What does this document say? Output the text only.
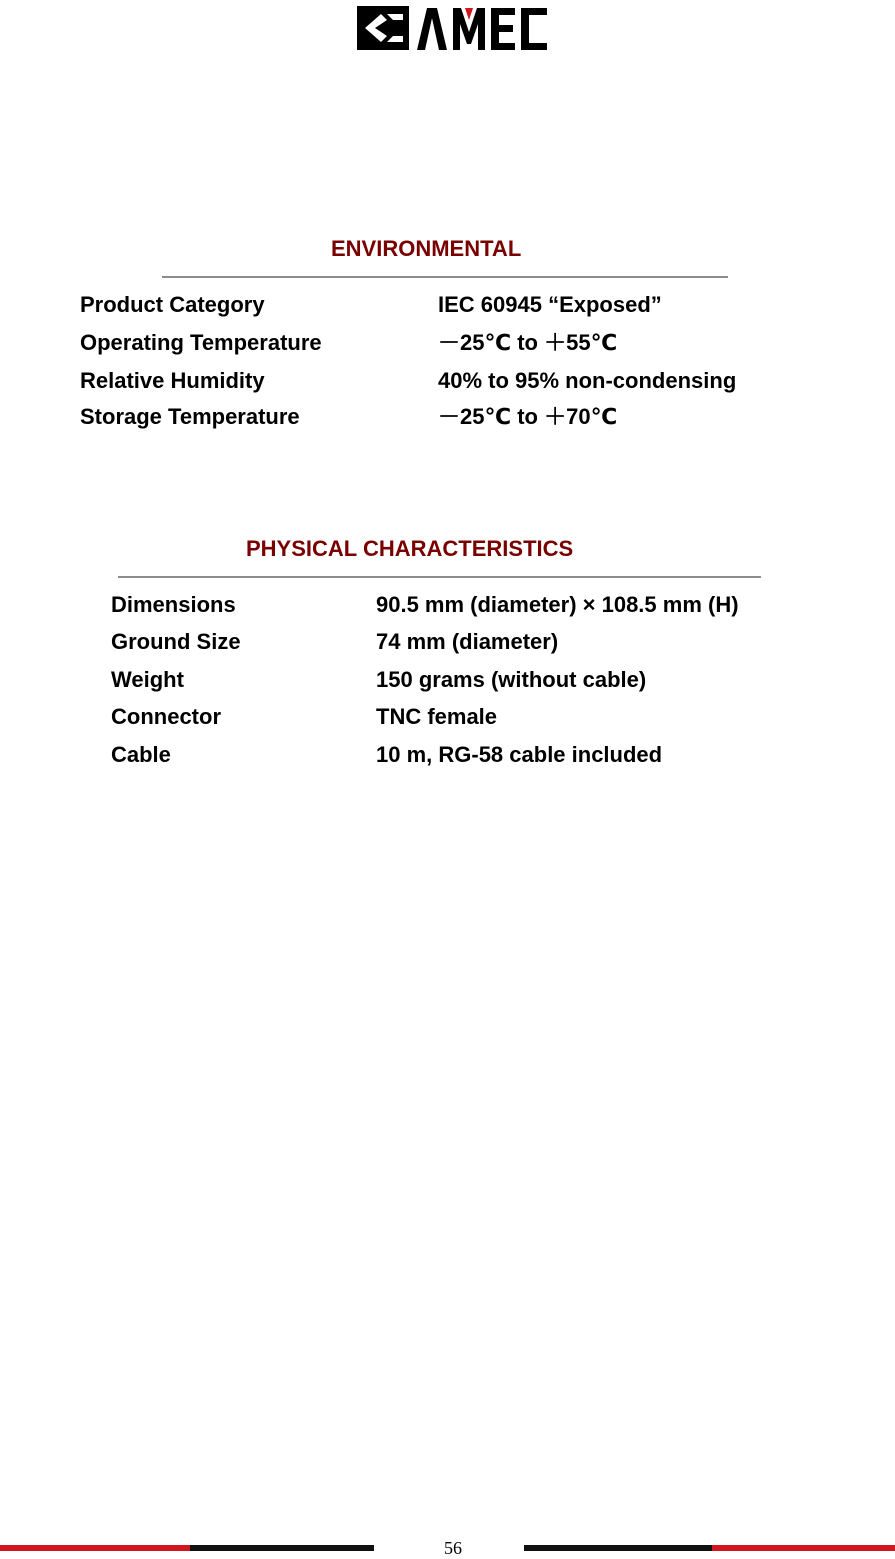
ENVIRONMENTAL
Product Category	IEC 60945 “Exposed”
Operating Temperature	－25℃ to ＋55℃
Relative Humidity	40% to 95% non-condensing
Storage Temperature	－25℃ to ＋70℃
PHYSICAL CHARACTERISTICS
Dimensions	90.5 mm (diameter) × 108.5 mm (H)
Ground Size	74 mm (diameter)
Weight	150 grams (without cable)
Connector	TNC female
Cable	10 m, RG-58 cable included
56
